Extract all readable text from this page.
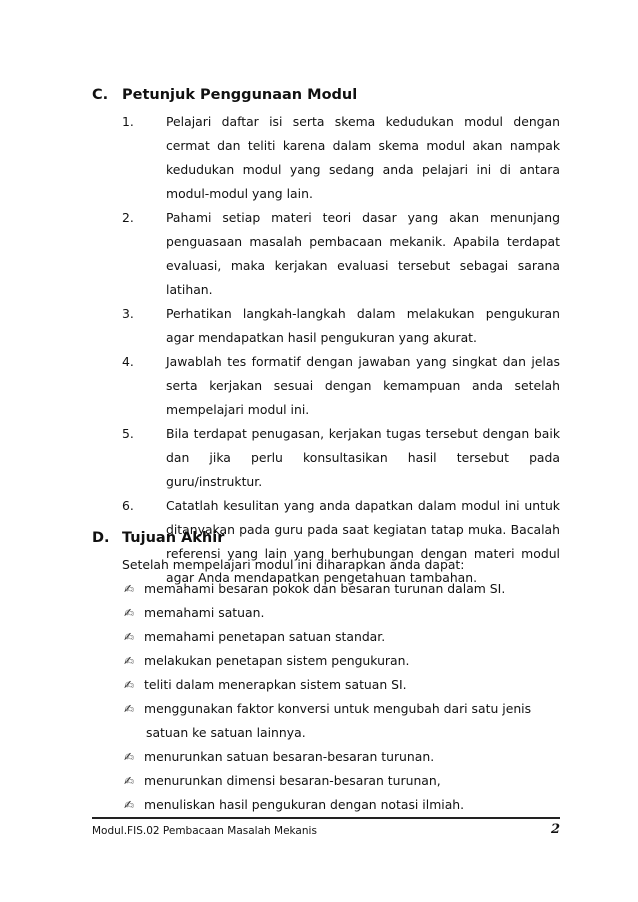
C. Petunjuk Penggunaan Modul
1.	Pelajari daftar isi serta skema kedudukan modul dengan cermat dan teliti karena dalam skema modul akan nampak kedudukan modul yang sedang anda pelajari ini di antara modul-modul yang lain.
2.	Pahami setiap materi teori dasar yang akan menunjang penguasaan masalah pembacaan mekanik. Apabila terdapat evaluasi, maka kerjakan evaluasi tersebut sebagai sarana latihan.
3.	Perhatikan langkah-langkah dalam melakukan pengukuran agar mendapatkan hasil pengukuran yang akurat.
4.	Jawablah tes formatif dengan jawaban yang singkat dan jelas serta kerjakan sesuai dengan kemampuan anda setelah mempelajari modul ini.
5.	Bila terdapat penugasan, kerjakan tugas tersebut dengan baik dan jika perlu konsultasikan hasil tersebut pada guru/instruktur.
6.	Catatlah kesulitan yang anda dapatkan dalam modul ini untuk ditanyakan pada guru pada saat kegiatan tatap muka. Bacalah referensi yang lain yang berhubungan dengan materi modul agar Anda mendapatkan pengetahuan tambahan.
D. Tujuan Akhir
Setelah mempelajari modul ini diharapkan anda dapat:
✍︎ memahami besaran pokok dan besaran turunan dalam SI.
✍︎ memahami satuan.
✍︎ memahami penetapan satuan standar.
✍︎ melakukan penetapan sistem pengukuran.
✍︎ teliti dalam menerapkan sistem satuan SI.
✍︎ menggunakan faktor konversi untuk mengubah dari satu jenis
satuan ke satuan lainnya.
✍︎ menurunkan satuan besaran-besaran turunan.
✍︎ menurunkan dimensi besaran-besaran turunan,
✍︎ menuliskan hasil pengukuran dengan notasi ilmiah.
Modul.FIS.02 Pembacaan Masalah Mekanis	2
